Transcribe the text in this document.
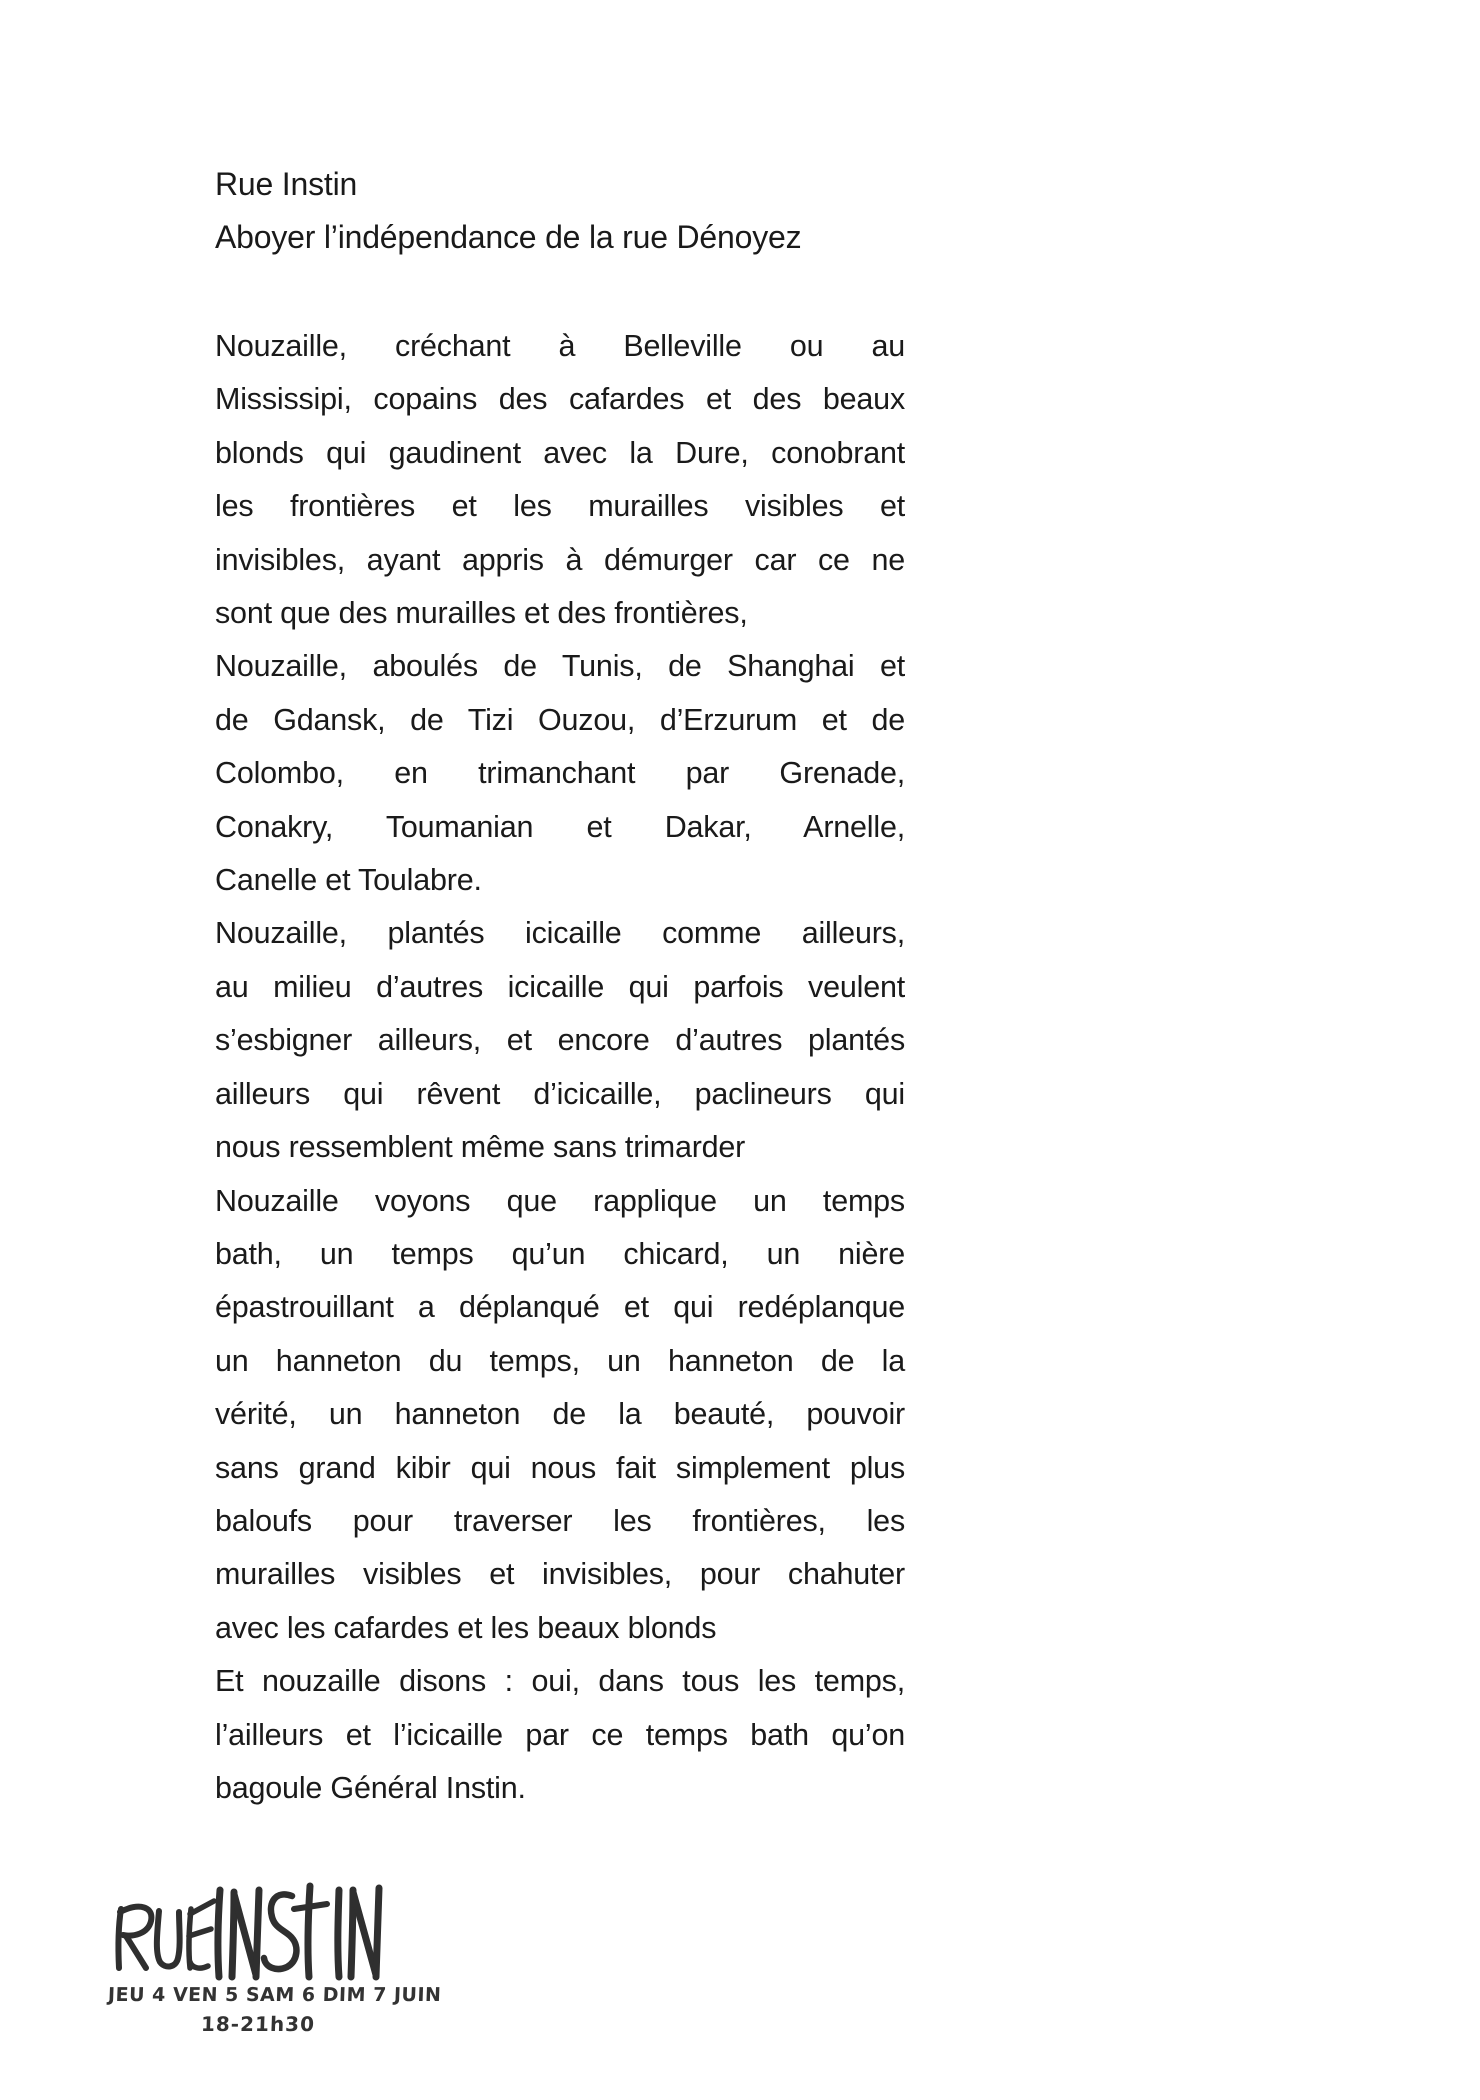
Rue Instin
Aboyer l’indépendance de la rue Dénoyez
Nouzaille, créchant à Belleville ou au
Mississipi, copains des cafardes et des beaux
blonds qui gaudinent avec la Dure, conobrant
les frontières et les murailles visibles et
invisibles, ayant appris à démurger car ce ne
sont que des murailles et des frontières,
Nouzaille, aboulés de Tunis, de Shanghai et
de Gdansk, de Tizi Ouzou, d’Erzurum et de
Colombo, en trimanchant par Grenade,
Conakry, Toumanian et Dakar, Arnelle,
Canelle et Toulabre.
Nouzaille, plantés icicaille comme ailleurs,
au milieu d’autres icicaille qui parfois veulent
s’esbigner ailleurs, et encore d’autres plantés
ailleurs qui rêvent d’icicaille, paclineurs qui
nous ressemblent même sans trimarder
Nouzaille voyons que rapplique un temps
bath, un temps qu’un chicard, un nière
épastrouillant a déplanqué et qui redéplanque
un hanneton du temps, un hanneton de la
vérité, un hanneton de la beauté, pouvoir
sans grand kibir qui nous fait simplement plus
baloufs pour traverser les frontières, les
murailles visibles et invisibles, pour chahuter
avec les cafardes et les beaux blonds
Et nouzaille disons : oui, dans tous les temps,
l’ailleurs et l’icicaille par ce temps bath qu’on
bagoule Général Instin.
JEU 4 VEN 5 SAM 6 DIM 7 JUIN
18-21h30
